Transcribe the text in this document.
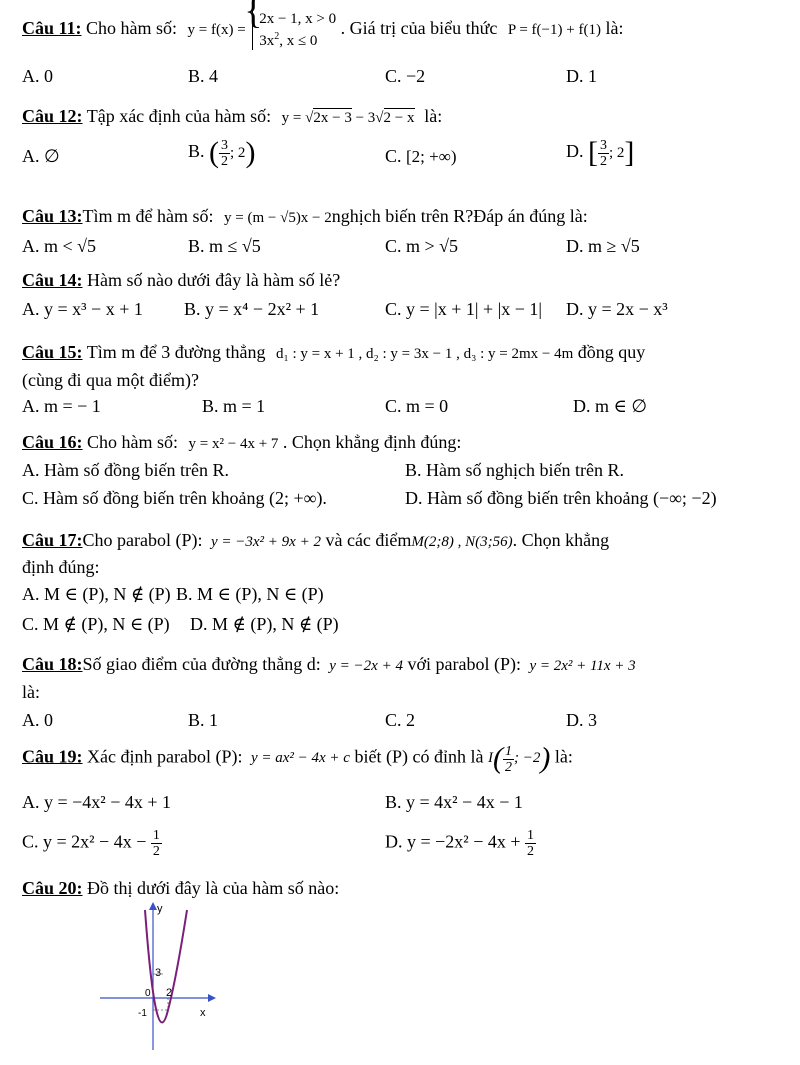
Câu 11: Cho hàm số: y = f(x) =
{ 2x − 1, x > 0
$3x^2$, x ≤ 0
. Giá trị của biểu thức P = f(−1) + f(1) là:
A. 0	B. 4	C. −2	D. 1
Câu 12: Tập xác định của hàm số: y = √2x − 3 − 3√2 − x là:
A. ∅	B. ( $\frac{3}{2}$ ; 2)	C. [2; +∞)	D. [ $\frac{3}{2}$ ; 2]
Câu 13:Tìm m để hàm số: y = (m − √5)x − 2nghịch biến trên R?Đáp án đúng là:
A. m < √5	B. m ≤ √5	C. m > √5	D. m ≥ √5
Câu 14: Hàm số nào dưới đây là hàm số lẻ?
A. y = x³ − x + 1 B. y = x⁴ − 2x² + 1	C. y = |x + 1| + |x − 1| D. y = 2x − x³
Câu 15: Tìm m để 3 đường thẳng d₁ : y = x + 1 , d₂ : y = 3x − 1 , d₃ : y = 2mx − 4m đồng quy
(cùng đi qua một điểm)?
A. m = − 1	B. m = 1	C. m = 0	D. m ∈ ∅
Câu 16: Cho hàm số: y = x² − 4x + 7 . Chọn khẳng định đúng:
A. Hàm số đồng biến trên R.	B. Hàm số nghịch biến trên R.
C. Hàm số đồng biến trên khoảng (2; +∞).	D. Hàm số đồng biến trên khoảng (−∞; −2)
Câu 17:Cho parabol (P): y = −3x² + 9x + 2 và các điểmM(2;8) , N(3;56). Chọn khẳng
định đúng:
A. M ∈ (P), N ∉ (P) B. M ∈ (P), N ∈ (P)
C. M ∉ (P), N ∈ (P) D. M ∉ (P), N ∉ (P)
Câu 18:Số giao điểm của đường thẳng d: y = −2x + 4 với parabol (P): y = 2x² + 11x + 3
là:
A. 0	B. 1	C. 2	D. 3
Câu 19: Xác định parabol (P): y = ax² − 4x + c biết (P) có đỉnh là $I( \frac{1}{2}$ ; −2) là:
A. y = −4x² − 4x + 1	B. y = 4x² − 4x − 1
C. $y = 2x^2 - 4x - \frac{1}{2}$	D. $y = -2x^2 - 4x + \frac{1}{2}$
Câu 20: Đồ thị dưới đây là của hàm số nào:
y
x
0
3
2
-1
